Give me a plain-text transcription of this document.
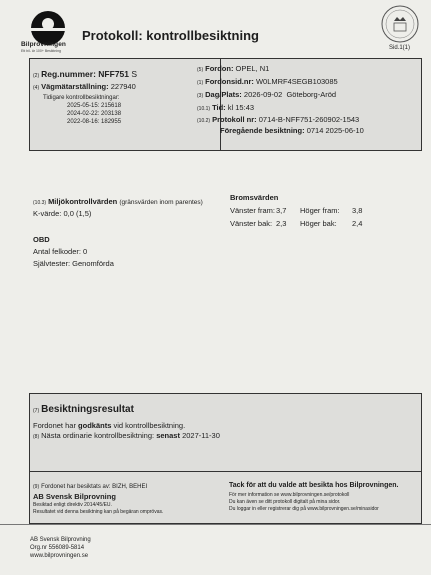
Bilprovningen
Ett bil- är 100+ Besiktning
Protokoll: kontrollbesiktning
Sid.1(1)
(2) Reg.nummer: NFF751 S
(4) Vägmätarställning: 227940
Tidigare kontrollbesiktningar:
2025-05-15: 215618
2024-02-22: 203138
2022-08-16: 182955
(5) Fordon: OPEL, N1
(1) Fordonsid.nr: W0LMRF4SEGB103085
(3) Dag/Plats: 2026-09-02 Göteborg-Aröd
(10.1) Tid: kl 15:43
(10.2) Protokoll nr: 0714-B-NFF751-260902-1543
Föregående besiktning: 0714 2025-06-10
(10.3) Miljökontrollvärden (gränsvärden inom parentes)
K-värde: 0,0 (1,5)
Bromsvärden
Vänster fram: 3,7 Höger fram: 3,8
Vänster bak: 2,3 Höger bak: 2,4
OBD
Antal felkoder: 0
Självtester: Genomförda
(7) Besiktningsresultat
Fordonet har godkänts vid kontrollbesiktning.
(8) Nästa ordinarie kontrollbesiktning: senast 2027-11-30
(9) Fordonet har besiktats av: BIZH, BEHEI
AB Svensk Bilprovning
Besiktad enligt direktiv 2014/45/EU.
Resultatet vid denna besiktning kan på begäran omprövas.
Tack för att du valde att besikta hos Bilprovningen.
För mer information se www.bilprovningen.se/protokoll
Du kan även se ditt protokoll digitalt på mina sidor.
Du loggar in eller registrerar dig på www.bilprovningen.se/minasidor
AB Svensk Bilprovning
Org.nr 556089-5814
www.bilprovningen.se
